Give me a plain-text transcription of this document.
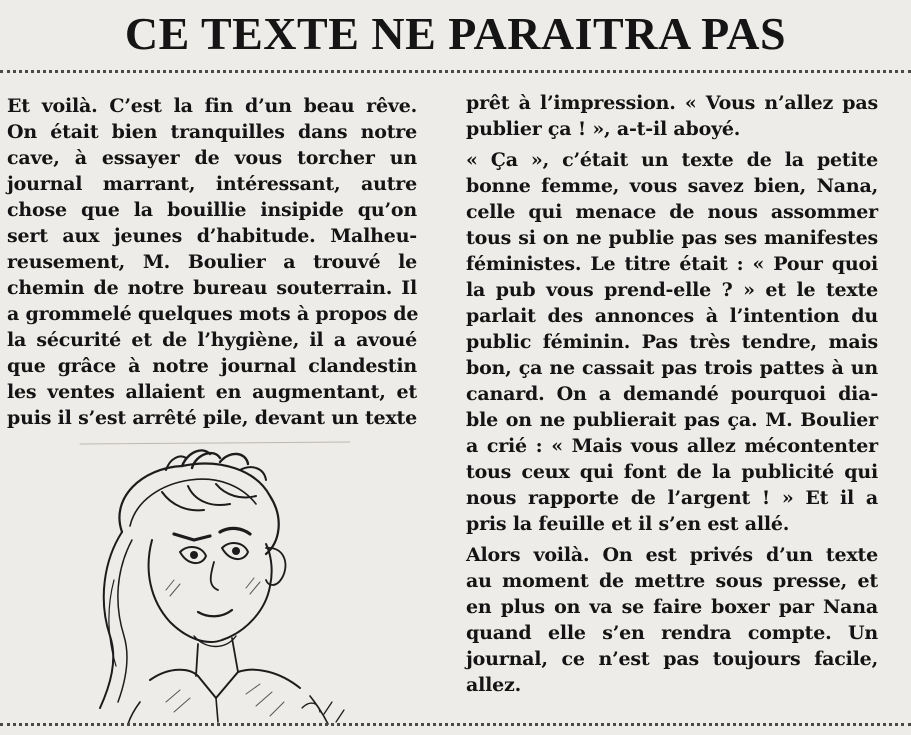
CE TEXTE NE PARAITRA PAS
Et voilà. C’est la fin d’un beau rêve.
On était bien tranquilles dans notre
cave, à essayer de vous torcher un
journal marrant, intéressant, autre
chose que la bouillie insipide qu’on
sert aux jeunes d’habitude. Malheu-
reusement, M. Boulier a trouvé le
chemin de notre bureau souterrain. Il
a grommelé quelques mots à propos de
la sécurité et de l’hygiène, il a avoué
que grâce à notre journal clandestin
les ventes allaient en augmentant, et
puis il s’est arrêté pile, devant un texte
prêt à l’impression. « Vous n’allez pas
publier ça ! », a-t-il aboyé.
« Ça », c’était un texte de la petite
bonne femme, vous savez bien, Nana,
celle qui menace de nous assommer
tous si on ne publie pas ses manifestes
féministes. Le titre était : « Pour quoi
la pub vous prend-elle ? » et le texte
parlait des annonces à l’intention du
public féminin. Pas très tendre, mais
bon, ça ne cassait pas trois pattes à un
canard. On a demandé pourquoi dia-
ble on ne publierait pas ça. M. Boulier
a crié : « Mais vous allez mécontenter
tous ceux qui font de la publicité qui
nous rapporte de l’argent ! » Et il a
pris la feuille et il s’en est allé.
Alors voilà. On est privés d’un texte
au moment de mettre sous presse, et
en plus on va se faire boxer par Nana
quand elle s’en rendra compte. Un
journal, ce n’est pas toujours facile,
allez.
